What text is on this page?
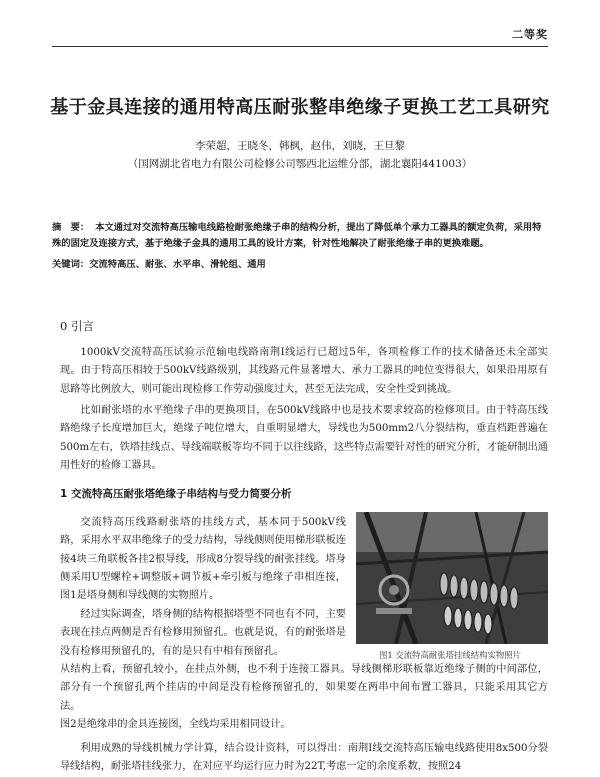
二等奖
基于金具连接的通用特高压耐张整串绝缘子更换工艺工具研究
李荣超，王晓冬，韩枫，赵伟，刘晓，王旦黎
（国网湖北省电力有限公司检修公司鄂西北运维分部，湖北襄阳441003）
摘　要： 本文通过对交流特高压输电线路检耐张绝缘子串的结构分析，提出了降低单个承力工器具的额定负荷，采用特殊的固定及连接方式，基于绝缘子金具的通用工具的设计方案，针对性地解决了耐张绝缘子串的更换难题。
关键词：交流特高压、耐张、水平串、滑轮组、通用
0 引言

1000kV交流特高压试验示范输电线路南荆I线运行已超过5年，各项检修工作的技术储备还未全部实现。由于特高压相较于500kV线路级别，其线路元件显著增大、承力工器具的吨位变得很大，如果沿用原有思路等比例放大，则可能出现检修工作劳动强度过大，甚至无法完成，安全性受到挑战。

比如耐张塔的水平绝缘子串的更换项目，在500kV线路中也是技术要求较高的检修项目。由于特高压线路绝缘子长度增加巨大，绝缘子吨位增大，自重明显增大，导线也为500mm2八分裂结构，垂直档距普遍在500m左右，铁塔挂线点、导线端联板等均不同于以往线路，这些特点需要针对性的研究分析，才能研制出通用性好的检修工器具。

1 交流特高压耐张塔绝缘子串结构与受力简要分析

交流特高压线路耐张塔的挂线方式，基本同于500kV线路，采用水平双串绝缘子的受力结构，导线侧则使用梯形联板连接4块三角联板各挂2根导线，形成8分裂导线的耐张挂线。塔身侧采用U型螺栓+调整版+调节板+牵引板与绝缘子串相连接，图1是塔身侧和导线侧的实物照片。

经过实际调查，塔身侧的结构根据塔型不同也有不同，主要表现在挂点两侧是否有检修用预留孔。也就是说，有的耐张塔是没有检修用预留孔的，有的是只有中相有预留孔。	图1 交流特高耐张塔挂线结构实物照片

从结构上看，预留孔较小，在挂点外侧，也不利于连接工器具。导线侧梯形联板靠近绝缘子侧的中间部位，部分有一个预留孔两个挂店的中间是没有检修预留孔的，如果要在两串中间布置工器具，只能采用其它方法。

图2是绝缘串的金具连接图，全线均采用相同设计。

利用成熟的导线机械力学计算，结合设计资料，可以得出：南荆I线交流特高压输电线路使用8x500分裂导线结构，耐张塔挂线张力，在对应平均运行应力时为22T,考虑一定的余度系数，按照24
